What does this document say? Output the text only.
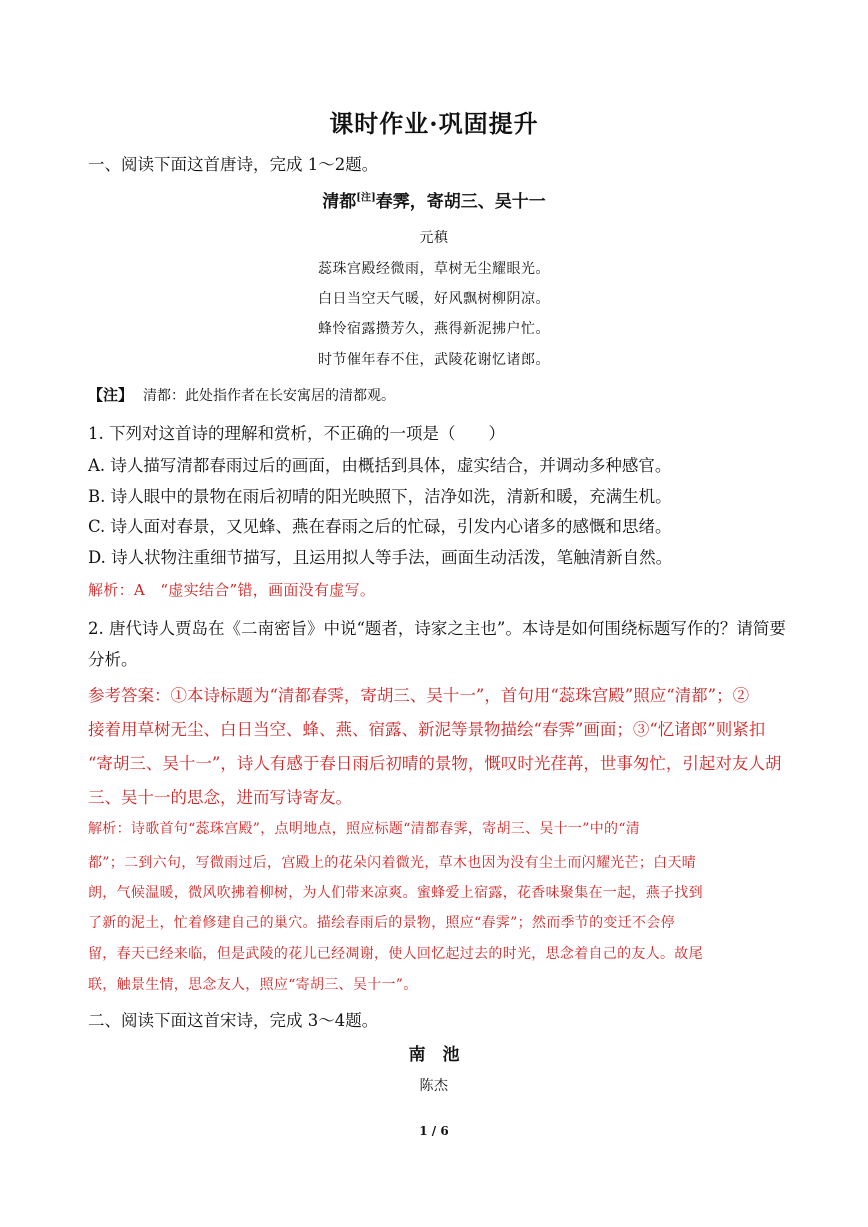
课时作业·巩固提升
一、阅读下面这首唐诗，完成 1～2题。
清都[注]春霁，寄胡三、吴十一
元稹
蕊珠宫殿经微雨，草树无尘耀眼光。
白日当空天气暖，好风飘树柳阴凉。
蜂怜宿露攒芳久，燕得新泥拂户忙。
时节催年春不住，武陵花谢忆诸郎。
【注】 清都：此处指作者在长安寓居的清都观。
1. 下列对这首诗的理解和赏析，不正确的一项是（　　）
A. 诗人描写清都春雨过后的画面，由概括到具体，虚实结合，并调动多种感官。
B. 诗人眼中的景物在雨后初晴的阳光映照下，洁净如洗，清新和暖，充满生机。
C. 诗人面对春景，又见蜂、燕在春雨之后的忙碌，引发内心诸多的感慨和思绪。
D. 诗人状物注重细节描写，且运用拟人等手法，画面生动活泼，笔触清新自然。
解析：A　“虚实结合”错，画面没有虚写。
2. 唐代诗人贾岛在《二南密旨》中说“题者，诗家之主也”。本诗是如何围绕标题写作的？请简要
分析。
参考答案：①本诗标题为“清都春霁，寄胡三、吴十一”，首句用“蕊珠宫殿”照应“清都”；②
接着用草树无尘、白日当空、蜂、燕、宿露、新泥等景物描绘“春霁”画面；③“忆诸郎”则紧扣
“寄胡三、吴十一”，诗人有感于春日雨后初晴的景物，慨叹时光荏苒，世事匆忙，引起对友人胡
三、吴十一的思念，进而写诗寄友。
解析：诗歌首句“蕊珠宫殿”，点明地点，照应标题“清都春霁，寄胡三、吴十一”中的“清
都”；二到六句，写微雨过后，宫殿上的花朵闪着微光，草木也因为没有尘土而闪耀光芒；白天晴
朗，气候温暖，微风吹拂着柳树，为人们带来凉爽。蜜蜂爱上宿露，花香味聚集在一起，燕子找到
了新的泥土，忙着修建自己的巢穴。描绘春雨后的景物，照应“春霁”；然而季节的变迁不会停
留，春天已经来临，但是武陵的花儿已经凋谢，使人回忆起过去的时光，思念着自己的友人。故尾
联，触景生情，思念友人，照应“寄胡三、吴十一”。
二、阅读下面这首宋诗，完成 3～4题。
南　池
陈杰
1 / 6
